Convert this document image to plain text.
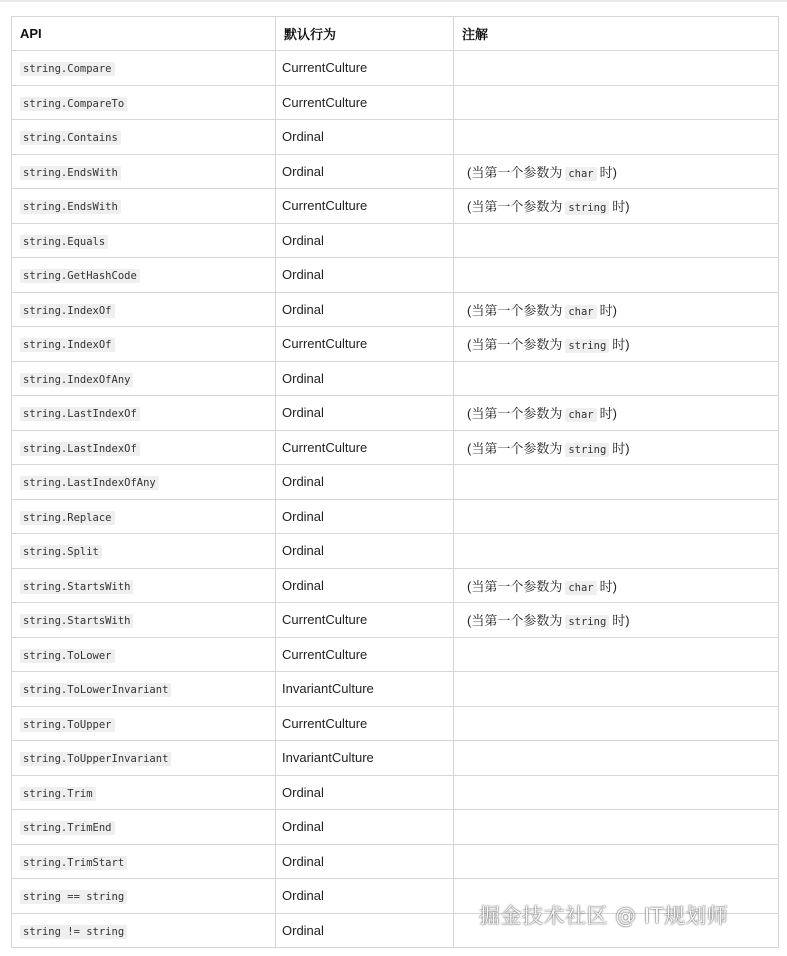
API	默认行为	注解
string.Compare	CurrentCulture	
string.CompareTo	CurrentCulture	
string.Contains	Ordinal	
string.EndsWith	Ordinal	(当第一个参数为 char 时)
string.EndsWith	CurrentCulture	(当第一个参数为 string 时)
string.Equals	Ordinal	
string.GetHashCode	Ordinal	
string.IndexOf	Ordinal	(当第一个参数为 char 时)
string.IndexOf	CurrentCulture	(当第一个参数为 string 时)
string.IndexOfAny	Ordinal	
string.LastIndexOf	Ordinal	(当第一个参数为 char 时)
string.LastIndexOf	CurrentCulture	(当第一个参数为 string 时)
string.LastIndexOfAny	Ordinal	
string.Replace	Ordinal	
string.Split	Ordinal	
string.StartsWith	Ordinal	(当第一个参数为 char 时)
string.StartsWith	CurrentCulture	(当第一个参数为 string 时)
string.ToLower	CurrentCulture	
string.ToLowerInvariant	InvariantCulture	
string.ToUpper	CurrentCulture	
string.ToUpperInvariant	InvariantCulture	
string.Trim	Ordinal	
string.TrimEnd	Ordinal	
string.TrimStart	Ordinal	
string == string	Ordinal	
string != string	Ordinal	
掘金技术社区 @ IT规划师
